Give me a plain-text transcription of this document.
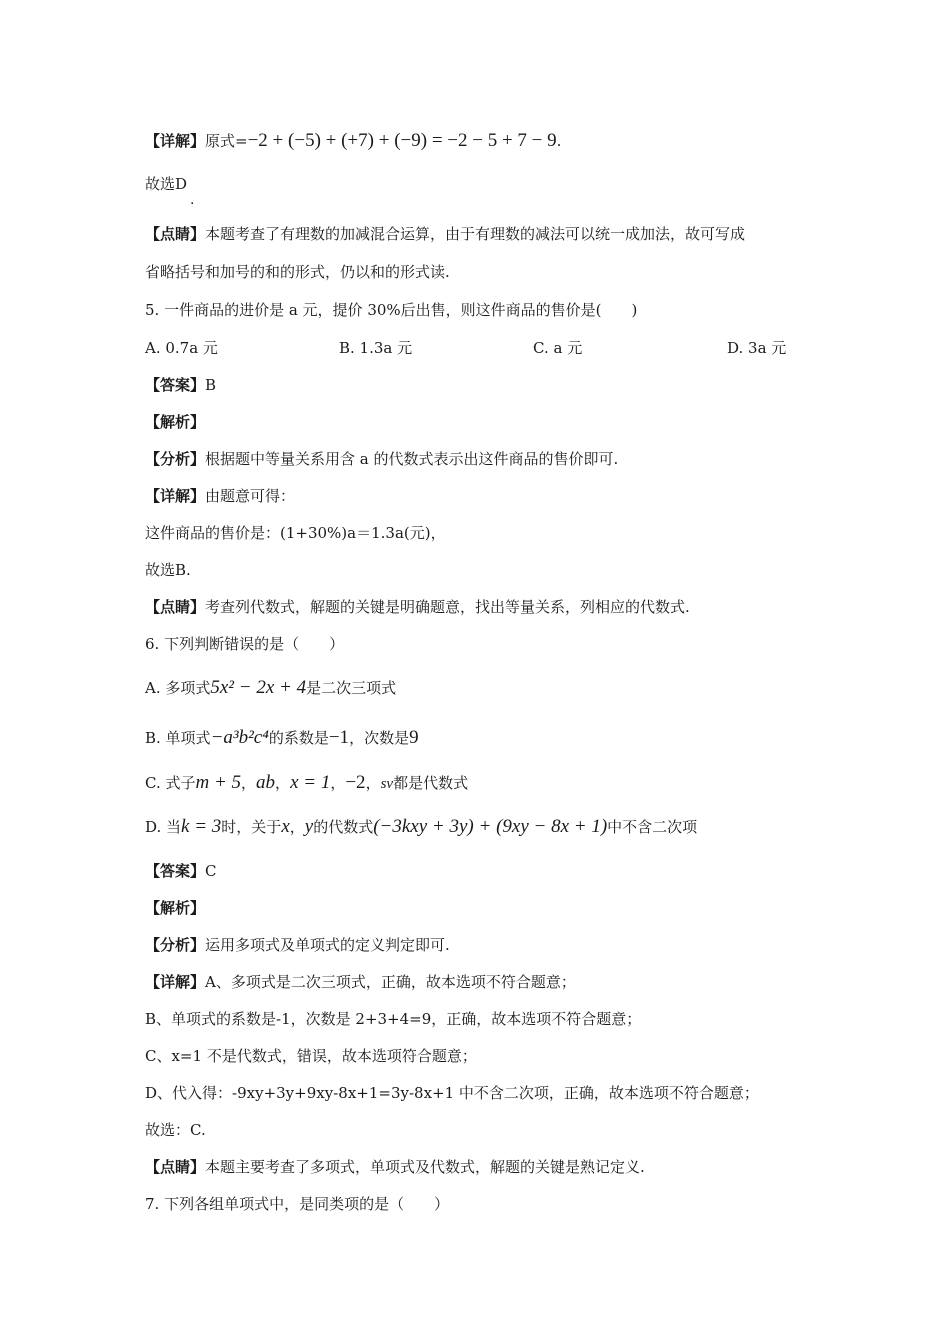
【详解】原式=−2 + (−5) + (+7) + (−9) = −2 − 5 + 7 − 9.
故选D
.
【点睛】本题考查了有理数的加减混合运算，由于有理数的减法可以统一成加法，故可写成
省略括号和加号的和的形式，仍以和的形式读.
5. 一件商品的进价是 a 元，提价 30%后出售，则这件商品的售价是(　　)
A. 0.7a 元	B. 1.3a 元	C. a 元	D. 3a 元
【答案】B
【解析】
【分析】根据题中等量关系用含 a 的代数式表示出这件商品的售价即可.
【详解】由题意可得：
这件商品的售价是：(1+30%)a＝1.3a(元)，
故选B.
【点睛】考查列代数式，解题的关键是明确题意，找出等量关系，列相应的代数式.
6. 下列判断错误的是（　　）
A. 多项式5x² − 2x + 4是二次三项式
B. 单项式−a³b²c⁴的系数是−1，次数是9
C. 式子m + 5，ab，x = 1，−2，sv都是代数式
D. 当k = 3时，关于x，y的代数式(−3kxy + 3y) + (9xy − 8x + 1)中不含二次项
【答案】C
【解析】
【分析】运用多项式及单项式的定义判定即可.
【详解】A、多项式是二次三项式，正确，故本选项不符合题意；
B、单项式的系数是-1，次数是 2+3+4=9，正确，故本选项不符合题意；
C、x=1 不是代数式，错误，故本选项符合题意；
D、代入得：-9xy+3y+9xy-8x+1=3y-8x+1 中不含二次项，正确，故本选项不符合题意；
故选：C.
【点睛】本题主要考查了多项式，单项式及代数式，解题的关键是熟记定义.
7. 下列各组单项式中，是同类项的是（　　）
